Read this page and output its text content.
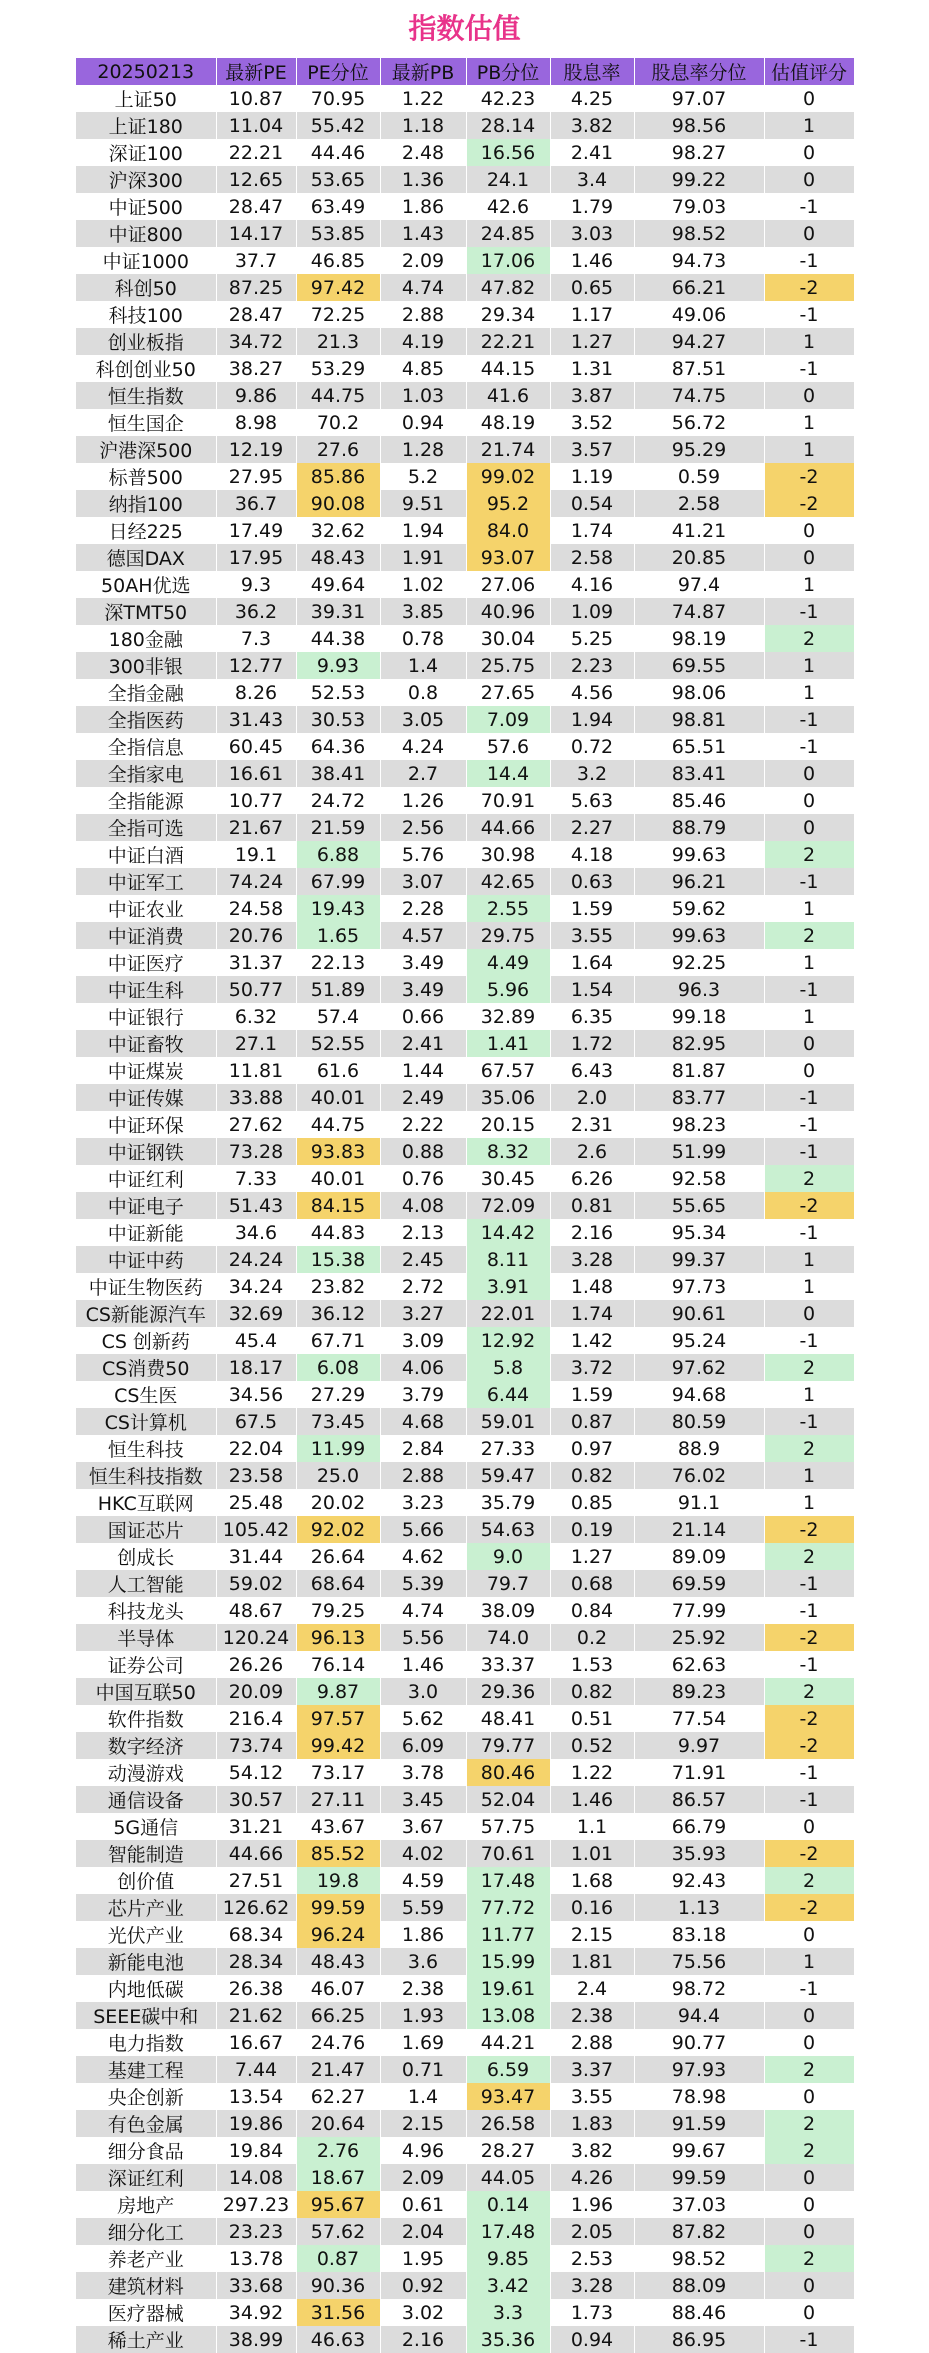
指数估值
20250213	最新PE	PE分位	最新PB	PB分位	股息率	股息率分位	估值评分
上证50	10.87	70.95	1.22	42.23	4.25	97.07	0
上证180	11.04	55.42	1.18	28.14	3.82	98.56	1
深证100	22.21	44.46	2.48	16.56	2.41	98.27	0
沪深300	12.65	53.65	1.36	24.1	3.4	99.22	0
中证500	28.47	63.49	1.86	42.6	1.79	79.03	-1
中证800	14.17	53.85	1.43	24.85	3.03	98.52	0
中证1000	37.7	46.85	2.09	17.06	1.46	94.73	-1
科创50	87.25	97.42	4.74	47.82	0.65	66.21	-2
科技100	28.47	72.25	2.88	29.34	1.17	49.06	-1
创业板指	34.72	21.3	4.19	22.21	1.27	94.27	1
科创创业50	38.27	53.29	4.85	44.15	1.31	87.51	-1
恒生指数	9.86	44.75	1.03	41.6	3.87	74.75	0
恒生国企	8.98	70.2	0.94	48.19	3.52	56.72	1
沪港深500	12.19	27.6	1.28	21.74	3.57	95.29	1
标普500	27.95	85.86	5.2	99.02	1.19	0.59	-2
纳指100	36.7	90.08	9.51	95.2	0.54	2.58	-2
日经225	17.49	32.62	1.94	84.0	1.74	41.21	0
德国DAX	17.95	48.43	1.91	93.07	2.58	20.85	0
50AH优选	9.3	49.64	1.02	27.06	4.16	97.4	1
深TMT50	36.2	39.31	3.85	40.96	1.09	74.87	-1
180金融	7.3	44.38	0.78	30.04	5.25	98.19	2
300非银	12.77	9.93	1.4	25.75	2.23	69.55	1
全指金融	8.26	52.53	0.8	27.65	4.56	98.06	1
全指医药	31.43	30.53	3.05	7.09	1.94	98.81	-1
全指信息	60.45	64.36	4.24	57.6	0.72	65.51	-1
全指家电	16.61	38.41	2.7	14.4	3.2	83.41	0
全指能源	10.77	24.72	1.26	70.91	5.63	85.46	0
全指可选	21.67	21.59	2.56	44.66	2.27	88.79	0
中证白酒	19.1	6.88	5.76	30.98	4.18	99.63	2
中证军工	74.24	67.99	3.07	42.65	0.63	96.21	-1
中证农业	24.58	19.43	2.28	2.55	1.59	59.62	1
中证消费	20.76	1.65	4.57	29.75	3.55	99.63	2
中证医疗	31.37	22.13	3.49	4.49	1.64	92.25	1
中证生科	50.77	51.89	3.49	5.96	1.54	96.3	-1
中证银行	6.32	57.4	0.66	32.89	6.35	99.18	1
中证畜牧	27.1	52.55	2.41	1.41	1.72	82.95	0
中证煤炭	11.81	61.6	1.44	67.57	6.43	81.87	0
中证传媒	33.88	40.01	2.49	35.06	2.0	83.77	-1
中证环保	27.62	44.75	2.22	20.15	2.31	98.23	-1
中证钢铁	73.28	93.83	0.88	8.32	2.6	51.99	-1
中证红利	7.33	40.01	0.76	30.45	6.26	92.58	2
中证电子	51.43	84.15	4.08	72.09	0.81	55.65	-2
中证新能	34.6	44.83	2.13	14.42	2.16	95.34	-1
中证中药	24.24	15.38	2.45	8.11	3.28	99.37	1
中证生物医药	34.24	23.82	2.72	3.91	1.48	97.73	1
CS新能源汽车	32.69	36.12	3.27	22.01	1.74	90.61	0
CS 创新药	45.4	67.71	3.09	12.92	1.42	95.24	-1
CS消费50	18.17	6.08	4.06	5.8	3.72	97.62	2
CS生医	34.56	27.29	3.79	6.44	1.59	94.68	1
CS计算机	67.5	73.45	4.68	59.01	0.87	80.59	-1
恒生科技	22.04	11.99	2.84	27.33	0.97	88.9	2
恒生科技指数	23.58	25.0	2.88	59.47	0.82	76.02	1
HKC互联网	25.48	20.02	3.23	35.79	0.85	91.1	1
国证芯片	105.42	92.02	5.66	54.63	0.19	21.14	-2
创成长	31.44	26.64	4.62	9.0	1.27	89.09	2
人工智能	59.02	68.64	5.39	79.7	0.68	69.59	-1
科技龙头	48.67	79.25	4.74	38.09	0.84	77.99	-1
半导体	120.24	96.13	5.56	74.0	0.2	25.92	-2
证券公司	26.26	76.14	1.46	33.37	1.53	62.63	-1
中国互联50	20.09	9.87	3.0	29.36	0.82	89.23	2
软件指数	216.4	97.57	5.62	48.41	0.51	77.54	-2
数字经济	73.74	99.42	6.09	79.77	0.52	9.97	-2
动漫游戏	54.12	73.17	3.78	80.46	1.22	71.91	-1
通信设备	30.57	27.11	3.45	52.04	1.46	86.57	-1
5G通信	31.21	43.67	3.67	57.75	1.1	66.79	0
智能制造	44.66	85.52	4.02	70.61	1.01	35.93	-2
创价值	27.51	19.8	4.59	17.48	1.68	92.43	2
芯片产业	126.62	99.59	5.59	77.72	0.16	1.13	-2
光伏产业	68.34	96.24	1.86	11.77	2.15	83.18	0
新能电池	28.34	48.43	3.6	15.99	1.81	75.56	1
内地低碳	26.38	46.07	2.38	19.61	2.4	98.72	-1
SEEE碳中和	21.62	66.25	1.93	13.08	2.38	94.4	0
电力指数	16.67	24.76	1.69	44.21	2.88	90.77	0
基建工程	7.44	21.47	0.71	6.59	3.37	97.93	2
央企创新	13.54	62.27	1.4	93.47	3.55	78.98	0
有色金属	19.86	20.64	2.15	26.58	1.83	91.59	2
细分食品	19.84	2.76	4.96	28.27	3.82	99.67	2
深证红利	14.08	18.67	2.09	44.05	4.26	99.59	0
房地产	297.23	95.67	0.61	0.14	1.96	37.03	0
细分化工	23.23	57.62	2.04	17.48	2.05	87.82	0
养老产业	13.78	0.87	1.95	9.85	2.53	98.52	2
建筑材料	33.68	90.36	0.92	3.42	3.28	88.09	0
医疗器械	34.92	31.56	3.02	3.3	1.73	88.46	0
稀土产业	38.99	46.63	2.16	35.36	0.94	86.95	-1
